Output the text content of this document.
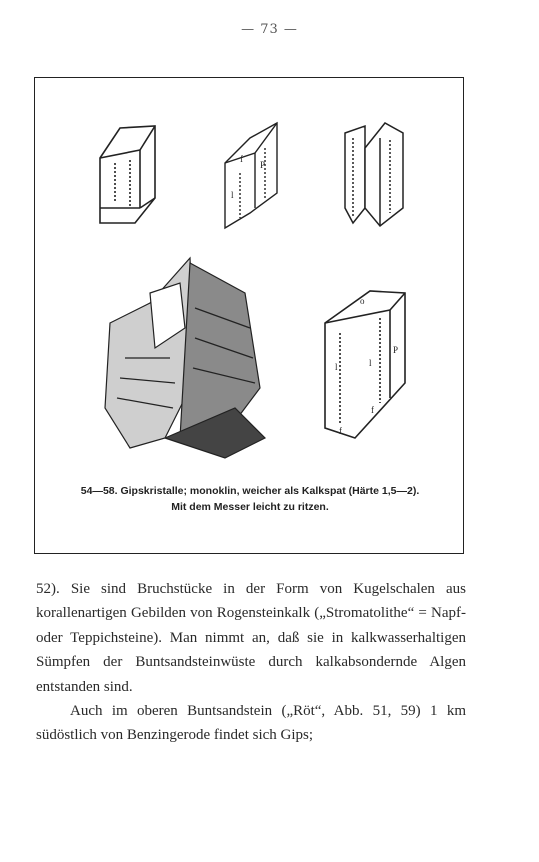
— 73 —
f
P
l
o
P
l
l
f
f
54—58. Gipskristalle; monoklin, weicher als Kalkspat (Härte 1,5—2).
Mit dem Messer leicht zu ritzen.

52). Sie sind Bruchstücke in der Form von Kugelschalen aus korallenartigen Gebilden von Rogensteinkalk („Stromatolithe“ = Napf- oder Teppichsteine). Man nimmt an, daß sie in kalkwasserhaltigen Sümpfen der Buntsandsteinwüste durch kalkabsondernde Algen entstanden sind.

Auch im oberen Buntsandstein („Röt“, Abb. 51, 59) 1 km südöstlich von Benzingerode findet sich Gips;
